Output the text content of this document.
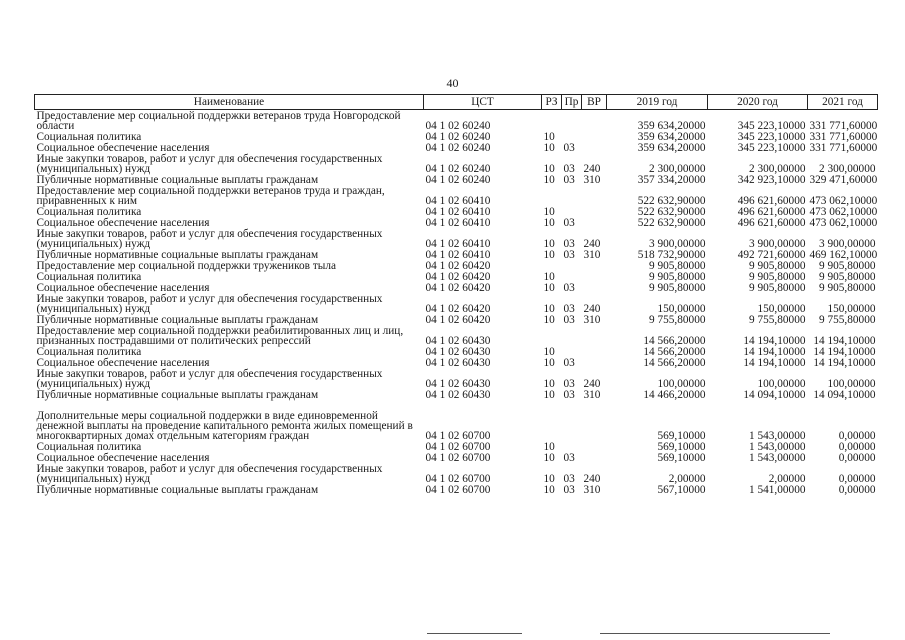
40
Наименование	ЦСТ	РЗ	Пр	ВР	2019 год	2020 год	2021 год
Предоставление мер социальной поддержки ветеранов труда Новгородской области	04 1 02 60240				359 634,20000	345 223,10000	331 771,60000
Социальная политика	04 1 02 60240	10			359 634,20000	345 223,10000	331 771,60000
Социальное обеспечение населения	04 1 02 60240	10	03		359 634,20000	345 223,10000	331 771,60000
Иные закупки товаров, работ и услуг для обеспечения государственных (муниципальных) нужд	04 1 02 60240	10	03	240	2 300,00000	2 300,00000	2 300,00000
Публичные нормативные социальные выплаты гражданам	04 1 02 60240	10	03	310	357 334,20000	342 923,10000	329 471,60000
Предоставление мер социальной поддержки ветеранов труда и граждан, приравненных к ним	04 1 02 60410				522 632,90000	496 621,60000	473 062,10000
Социальная политика	04 1 02 60410	10			522 632,90000	496 621,60000	473 062,10000
Социальное обеспечение населения	04 1 02 60410	10	03		522 632,90000	496 621,60000	473 062,10000
Иные закупки товаров, работ и услуг для обеспечения государственных (муниципальных) нужд	04 1 02 60410	10	03	240	3 900,00000	3 900,00000	3 900,00000
Публичные нормативные социальные выплаты гражданам	04 1 02 60410	10	03	310	518 732,90000	492 721,60000	469 162,10000
Предоставление мер социальной поддержки тружеников тыла	04 1 02 60420				9 905,80000	9 905,80000	9 905,80000
Социальная политика	04 1 02 60420	10			9 905,80000	9 905,80000	9 905,80000
Социальное обеспечение населения	04 1 02 60420	10	03		9 905,80000	9 905,80000	9 905,80000
Иные закупки товаров, работ и услуг для обеспечения государственных (муниципальных) нужд	04 1 02 60420	10	03	240	150,00000	150,00000	150,00000
Публичные нормативные социальные выплаты гражданам	04 1 02 60420	10	03	310	9 755,80000	9 755,80000	9 755,80000
Предоставление мер социальной поддержки реабилитированных лиц и лиц, признанных пострадавшими от политических репрессий	04 1 02 60430				14 566,20000	14 194,10000	14 194,10000
Социальная политика	04 1 02 60430	10			14 566,20000	14 194,10000	14 194,10000
Социальное обеспечение населения	04 1 02 60430	10	03		14 566,20000	14 194,10000	14 194,10000
Иные закупки товаров, работ и услуг для обеспечения государственных (муниципальных) нужд	04 1 02 60430	10	03	240	100,00000	100,00000	100,00000
Публичные нормативные социальные выплаты гражданам	04 1 02 60430	10	03	310	14 466,20000	14 094,10000	14 094,10000
Дополнительные меры социальной поддержки в виде единовременной денежной выплаты на проведение капитального ремонта жилых помещений в многоквартирных домах отдельным категориям граждан	04 1 02 60700				569,10000	1 543,00000	0,00000
Социальная политика	04 1 02 60700	10			569,10000	1 543,00000	0,00000
Социальное обеспечение населения	04 1 02 60700	10	03		569,10000	1 543,00000	0,00000
Иные закупки товаров, работ и услуг для обеспечения государственных (муниципальных) нужд	04 1 02 60700	10	03	240	2,00000	2,00000	0,00000
Публичные нормативные социальные выплаты гражданам	04 1 02 60700	10	03	310	567,10000	1 541,00000	0,00000
